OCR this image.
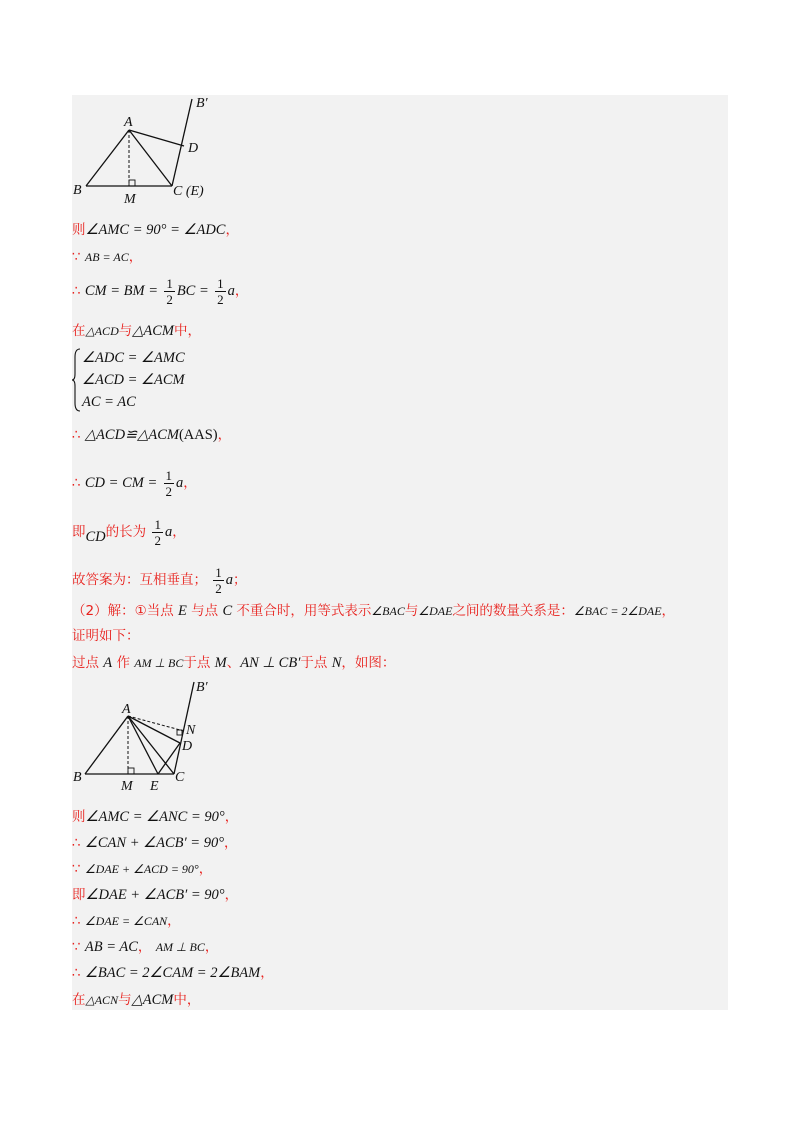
B′
A
D
B
M
C (E)
则∠AMC = 90° = ∠ADC，
∵ AB = AC，
∴ CM = BM = $\frac{1}{2}$ BC = $\frac{1}{2}$ a，
在△ACD与△ACM中，
∠ADC = ∠AMC
∠ACD = ∠ACM
AC = AC
∴ △ACD≌△ACM(AAS)，
∴ CD = CM = $\frac{1}{2}$ a，
即CD的长为 $\frac{1}{2}$ a，
故答案为：互相垂直； $\frac{1}{2}$ a；
（2）解：①当点 E 与点 C 不重合时，用等式表示∠BAC与∠DAE之间的数量关系是：∠BAC = 2∠DAE，
证明如下：
过点 A 作 AM ⊥ BC于点 M、AN ⊥ CB′于点 N，如图：
B′
A
N
D
B
M E
C
则∠AMC = ∠ANC = 90°，
∴ ∠CAN + ∠ACB′ = 90°，
∵ ∠DAE + ∠ACD = 90°，
即∠DAE + ∠ACB′ = 90°，
∴ ∠DAE = ∠CAN，
∵ AB = AC， AM ⊥ BC，
∴ ∠BAC = 2∠CAM = 2∠BAM，
在△ACN与△ACM中，
